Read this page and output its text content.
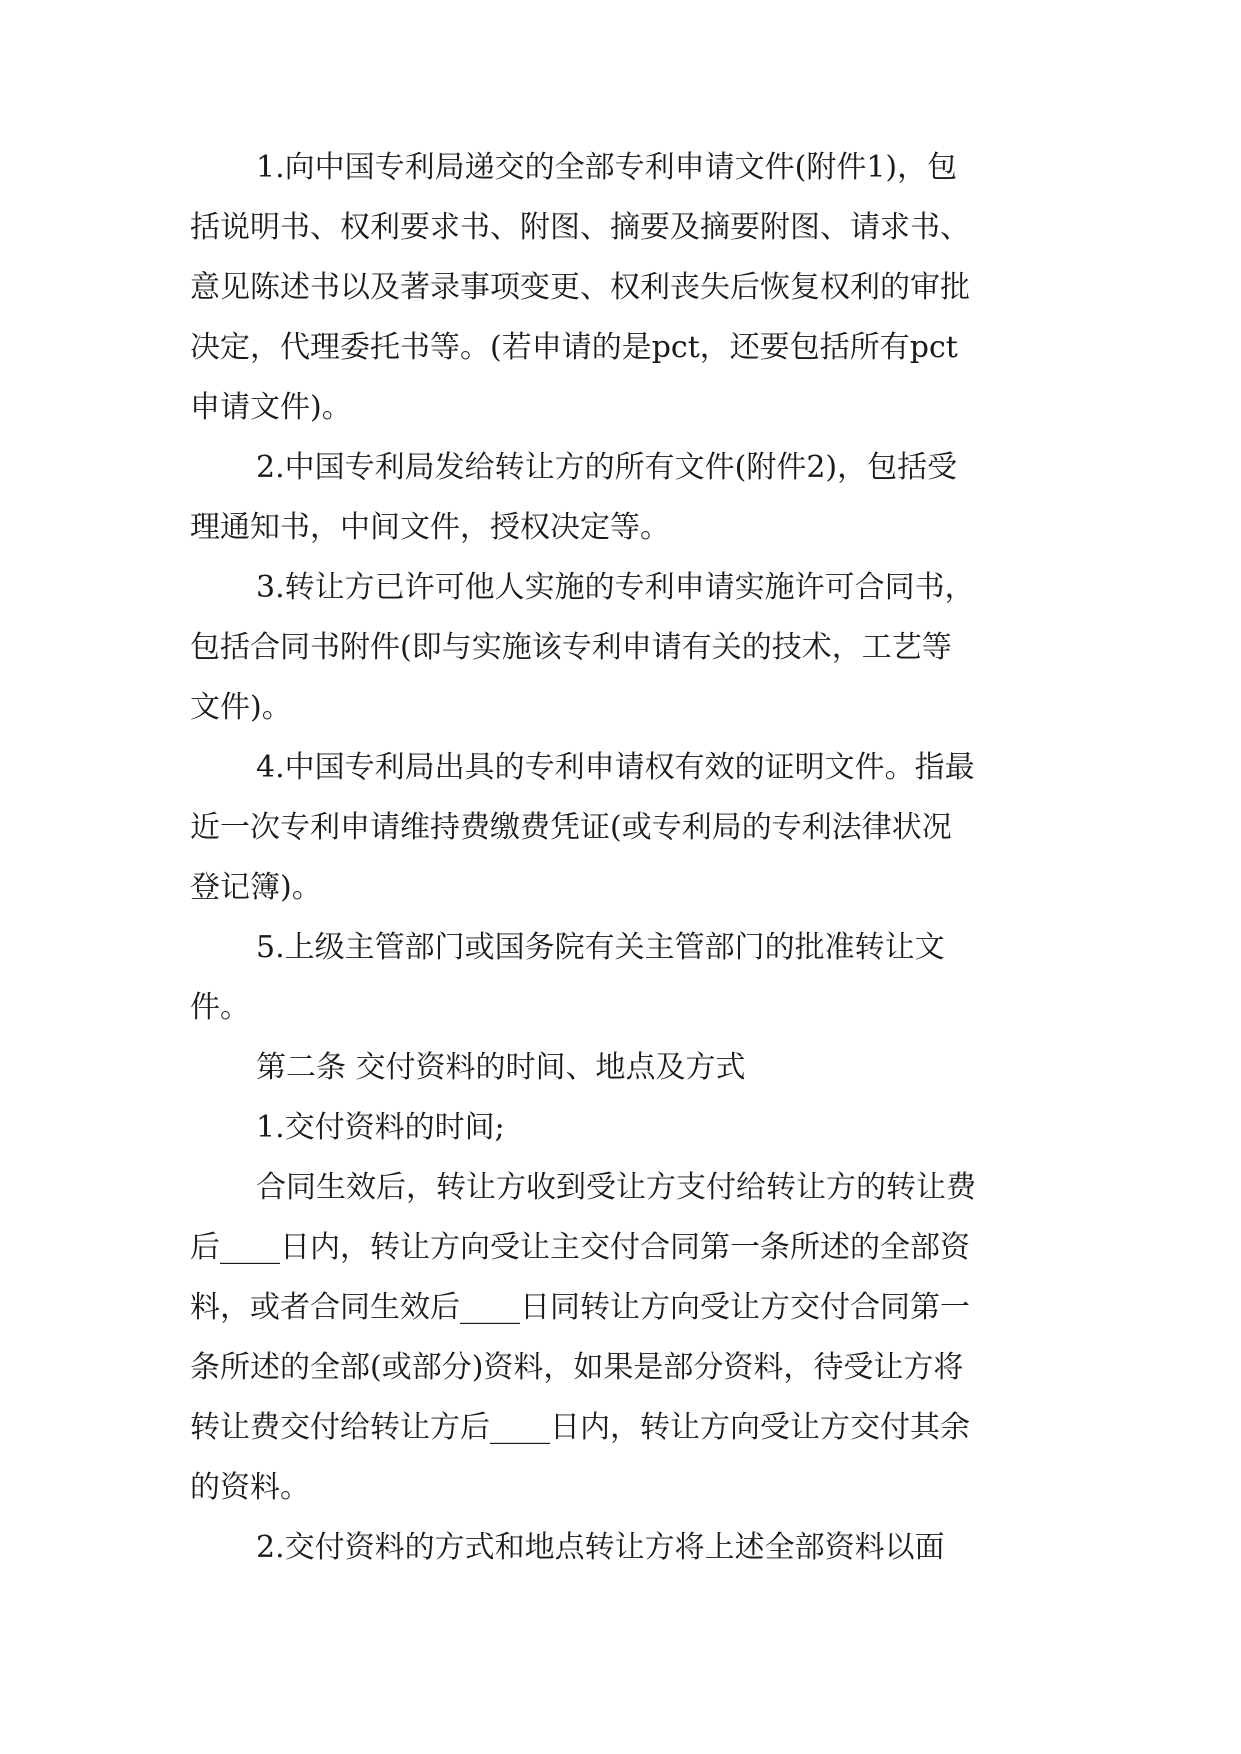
1.向中国专利局递交的全部专利申请文件(附件1)，包
括说明书、权利要求书、附图、摘要及摘要附图、请求书、
意见陈述书以及著录事项变更、权利丧失后恢复权利的审批
决定，代理委托书等。(若申请的是pct，还要包括所有pct
申请文件)。
2.中国专利局发给转让方的所有文件(附件2)，包括受
理通知书，中间文件，授权决定等。
3.转让方已许可他人实施的专利申请实施许可合同书，
包括合同书附件(即与实施该专利申请有关的技术，工艺等
文件)。
4.中国专利局出具的专利申请权有效的证明文件。指最
近一次专利申请维持费缴费凭证(或专利局的专利法律状况
登记簿)。
5.上级主管部门或国务院有关主管部门的批准转让文
件。
第二条 交付资料的时间、地点及方式
1.交付资料的时间;
合同生效后，转让方收到受让方支付给转让方的转让费
后____日内，转让方向受让主交付合同第一条所述的全部资
料，或者合同生效后____日同转让方向受让方交付合同第一
条所述的全部(或部分)资料，如果是部分资料，待受让方将
转让费交付给转让方后____日内，转让方向受让方交付其余
的资料。
2.交付资料的方式和地点转让方将上述全部资料以面
